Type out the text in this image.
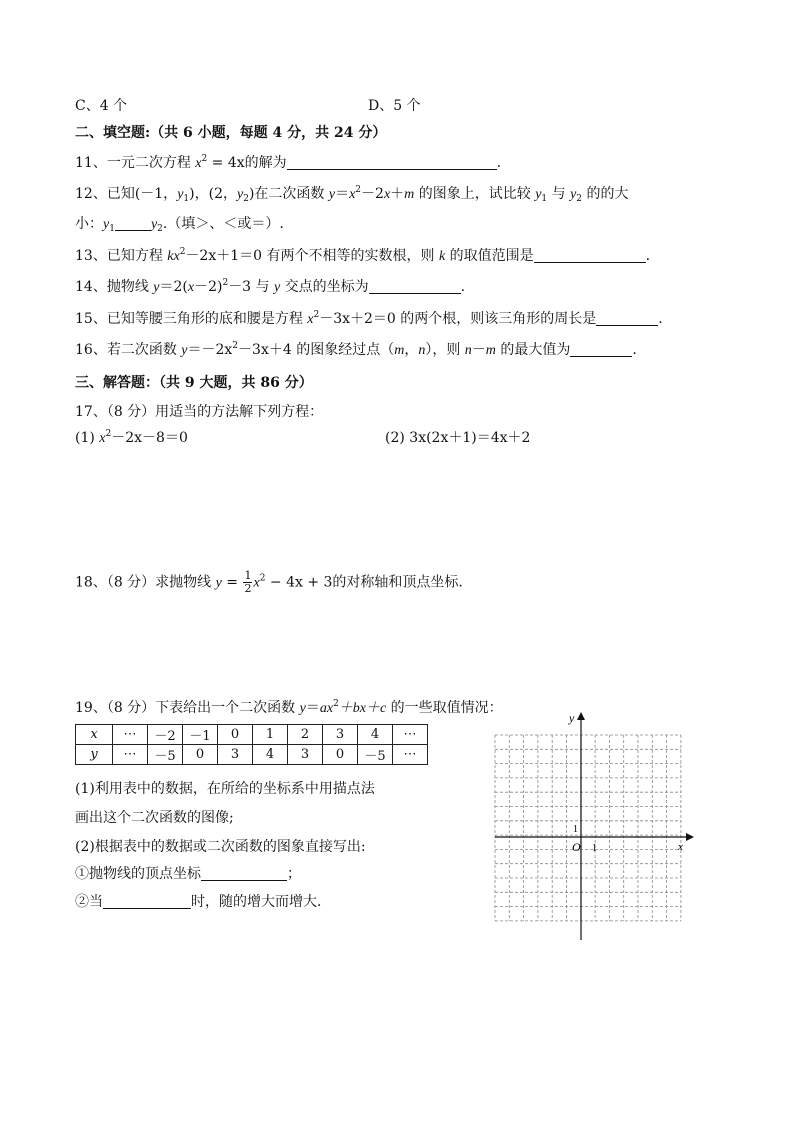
C、4 个	D、5 个
二、填空题:（共 6 小题，每题 4 分，共 24 分）
11、一元二次方程 $x^2 = 4x$的解为	.
12、已知(－1，$y_1$)，(2，$y_2$)在二次函数 $y=x^2-2x+m$ 的图象上，试比较 $y_1$ 与 $y_2$ 的的大
小：$y_1$	$y_2$.（填＞、＜或＝）.
13、已知方程 $kx^2-2x+1=0$ 有两个不相等的实数根，则 k 的取值范围是	.
14、抛物线 $y=2(x-2)^2-3$ 与 y 交点的坐标为	.
15、已知等腰三角形的底和腰是方程 $x^2-3x+2=0$ 的两个根，则该三角形的周长是	.
16、若二次函数 $y=-2x^2-3x+4$ 的图象经过点（m，n），则 n－m 的最大值为	.
三、解答题：（共 9 大题，共 86 分）
17、（8 分）用适当的方法解下列方程：
(1) $x^2-2x-8=0$	(2) 3x(2x＋1)＝4x＋2
18、（8 分）求抛物线 $y = \frac{1}{2} x^2 - 4x + 3$的对称轴和顶点坐标.
19、（8 分）下表给出一个二次函数 $y=ax^2+bx+c$ 的一些取值情况：
x	⋯	－2	－1	0	1	2	3	4	⋯
y	⋯	－5	0	3	4	3	0	－5	⋯
(1)利用表中的数据，在所给的坐标系中用描点法
画出这个二次函数的图像;
(2)根据表中的数据或二次函数的图象直接写出:
①抛物线的顶点坐标	；
②当	时，随的增大而增大.
x
y
O 1
1
